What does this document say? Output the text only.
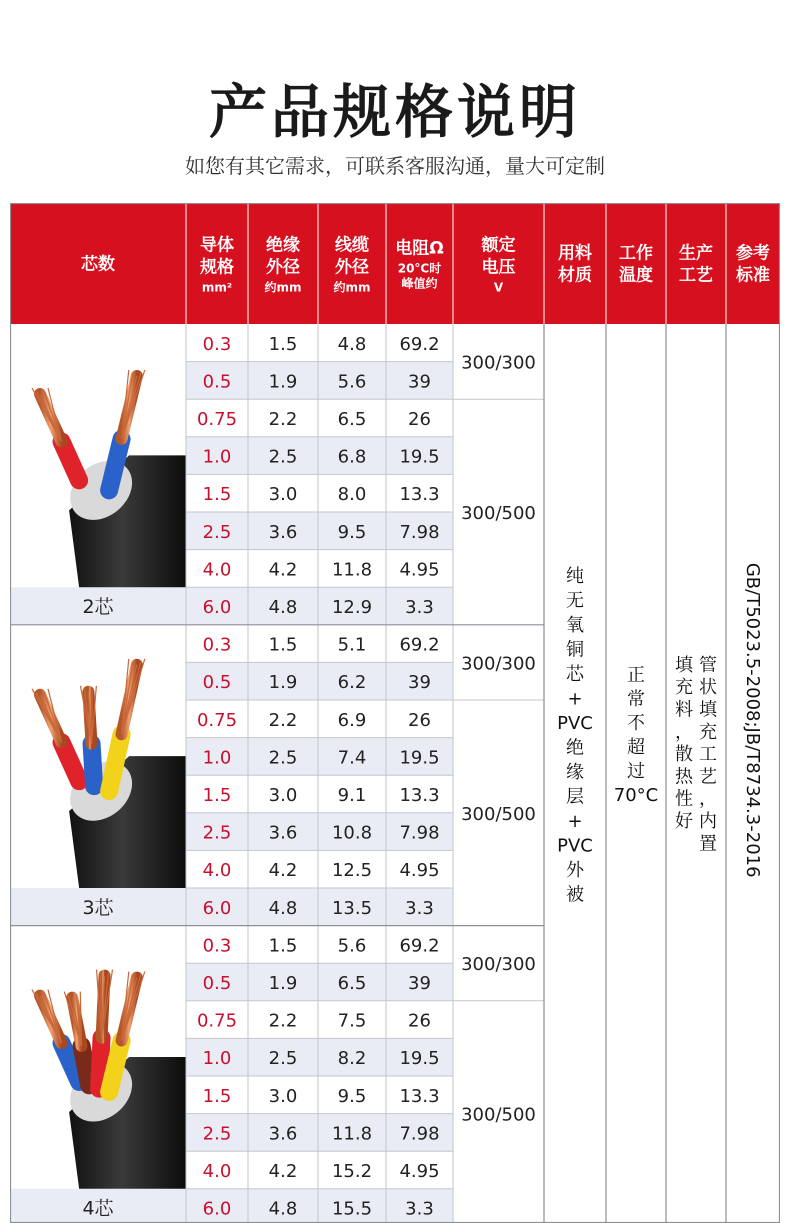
产品规格说明
如您有其它需求，可联系客服沟通，量大可定制
芯数
导体
规格
mm²
绝缘
外径
约mm
线缆
外径
约mm
电阻Ω
20°C时
峰值约
额定
电压
V
用料
材质
工作
温度
生产
工艺
参考
标准
0.3 1.5 4.8 69.2
0.5 1.9 5.6 39
0.75 2.2 6.5 26
1.0 2.5 6.8 19.5
1.5 3.0 8.0 13.3
2.5 3.6 9.5 7.98
4.0 4.2 11.8 4.95
6.0 4.8 12.9 3.3
300/300
300/500
0.3 1.5 5.1 69.2
0.5 1.9 6.2 39
0.75 2.2 6.9 26
1.0 2.5 7.4 19.5
1.5 3.0 9.1 13.3
2.5 3.6 10.8 7.98
4.0 4.2 12.5 4.95
6.0 4.8 13.5 3.3
300/300
300/500
0.3 1.5 5.6 69.2
0.5 1.9 6.5 39
0.75 2.2 7.5 26
1.0 2.5 8.2 19.5
1.5 3.0 9.5 13.3
2.5 3.6 11.8 7.98
4.0 4.2 15.2 4.95
6.0 4.8 15.5 3.3
300/300
300/500
2芯
3芯
4芯
纯
无
氧
铜
芯
+
PVC
绝
缘
层
+
PVC
外
被
正
常
不
超
过
70°C
管
状
填
充
工
艺
，
内
置
填
充
料
，
散
热
性
好	GB/T5023.5-2008;JB/T8734.3-2016
